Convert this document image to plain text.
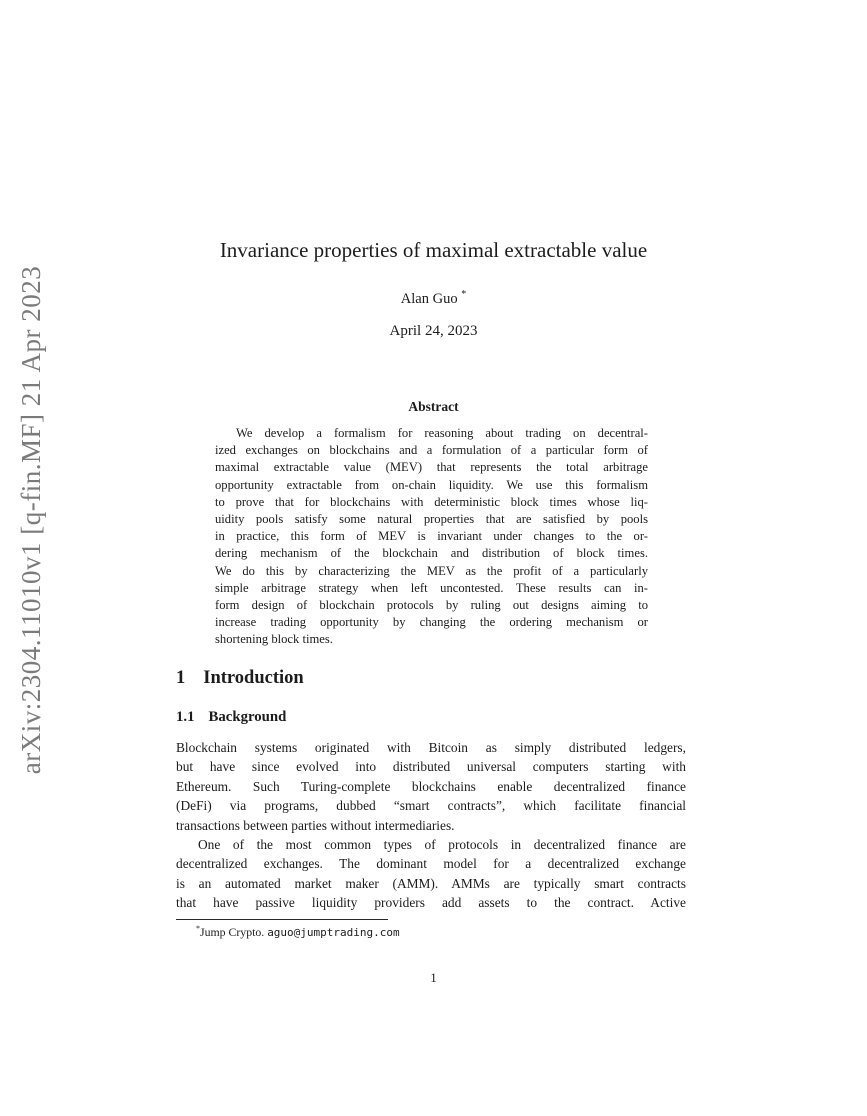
arXiv:2304.11010v1 [q-fin.MF] 21 Apr 2023
Invariance properties of maximal extractable value
Alan Guo *
April 24, 2023
Abstract
We develop a formalism for reasoning about trading on decentral-
ized exchanges on blockchains and a formulation of a particular form of
maximal extractable value (MEV) that represents the total arbitrage
opportunity extractable from on-chain liquidity. We use this formalism
to prove that for blockchains with deterministic block times whose liq-
uidity pools satisfy some natural properties that are satisfied by pools
in practice, this form of MEV is invariant under changes to the or-
dering mechanism of the blockchain and distribution of block times.
We do this by characterizing the MEV as the profit of a particularly
simple arbitrage strategy when left uncontested. These results can in-
form design of blockchain protocols by ruling out designs aiming to
increase trading opportunity by changing the ordering mechanism or
shortening block times.
1 Introduction
1.1 Background
Blockchain systems originated with Bitcoin as simply distributed ledgers,
but have since evolved into distributed universal computers starting with
Ethereum. Such Turing-complete blockchains enable decentralized finance
(DeFi) via programs, dubbed “smart contracts”, which facilitate financial
transactions between parties without intermediaries.
One of the most common types of protocols in decentralized finance are
decentralized exchanges. The dominant model for a decentralized exchange
is an automated market maker (AMM). AMMs are typically smart contracts
that have passive liquidity providers add assets to the contract. Active
*Jump Crypto. aguo@jumptrading.com
1
